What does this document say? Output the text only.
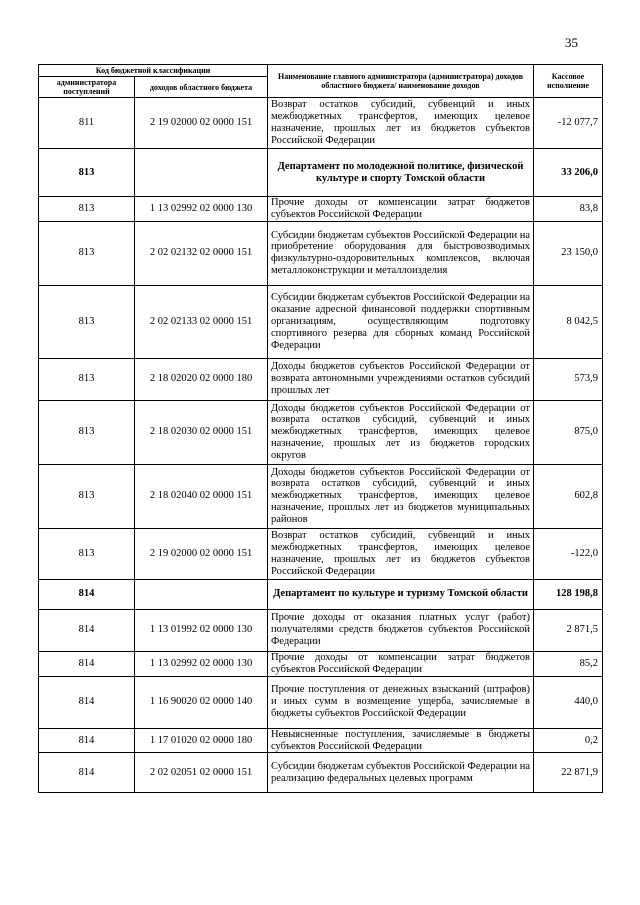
35
Код бюджетной классификации		Наименование главного администратора (администратора) доходов областного бюджета/ наименование доходов	Кассовое исполнение
администратора поступлений	доходов областного бюджета		
811	2 19 02000 02 0000 151	Возврат остатков субсидий, субвенций и иных межбюджетных трансфертов, имеющих целевое назначение, прошлых лет из бюджетов субъектов Российской Федерации	-12 077,7
813		Департамент по молодежной политике, физической культуре и спорту Томской области	33 206,0
813	1 13 02992 02 0000 130	Прочие доходы от компенсации затрат бюджетов субъектов Российской Федерации	83,8
813	2 02 02132 02 0000 151	Субсидии бюджетам субъектов Российской Федерации на приобретение оборудования для быстровозводимых физкультурно-оздоровительных комплексов, включая металлоконструкции и металлоизделия	23 150,0
813	2 02 02133 02 0000 151	Субсидии бюджетам субъектов Российской Федерации на оказание адресной финансовой поддержки спортивным организациям, осуществляющим подготовку спортивного резерва для сборных команд Российской Федерации	8 042,5
813	2 18 02020 02 0000 180	Доходы бюджетов субъектов Российской Федерации от возврата автономными учреждениями остатков субсидий прошлых лет	573,9
813	2 18 02030 02 0000 151	Доходы бюджетов субъектов Российской Федерации от возврата остатков субсидий, субвенций и иных межбюджетных трансфертов, имеющих целевое назначение, прошлых лет из бюджетов городских округов	875,0
813	2 18 02040 02 0000 151	Доходы бюджетов субъектов Российской Федерации от возврата остатков субсидий, субвенций и иных межбюджетных трансфертов, имеющих целевое назначение, прошлых лет из бюджетов муниципальных районов	602,8
813	2 19 02000 02 0000 151	Возврат остатков субсидий, субвенций и иных межбюджетных трансфертов, имеющих целевое назначение, прошлых лет из бюджетов субъектов Российской Федерации	-122,0
814		Департамент по культуре и туризму Томской области	128 198,8
814	1 13 01992 02 0000 130	Прочие доходы от оказания платных услуг (работ) получателями средств бюджетов субъектов Российской Федерации	2 871,5
814	1 13 02992 02 0000 130	Прочие доходы от компенсации затрат бюджетов субъектов Российской Федерации	85,2
814	1 16 90020 02 0000 140	Прочие поступления от денежных взысканий (штрафов) и иных сумм в возмещение ущерба, зачисляемые в бюджеты субъектов Российской Федерации	440,0
814	1 17 01020 02 0000 180	Невыясненные поступления, зачисляемые в бюджеты субъектов Российской Федерации	0,2
814	2 02 02051 02 0000 151	Субсидии бюджетам субъектов Российской Федерации на реализацию федеральных целевых программ	22 871,9
